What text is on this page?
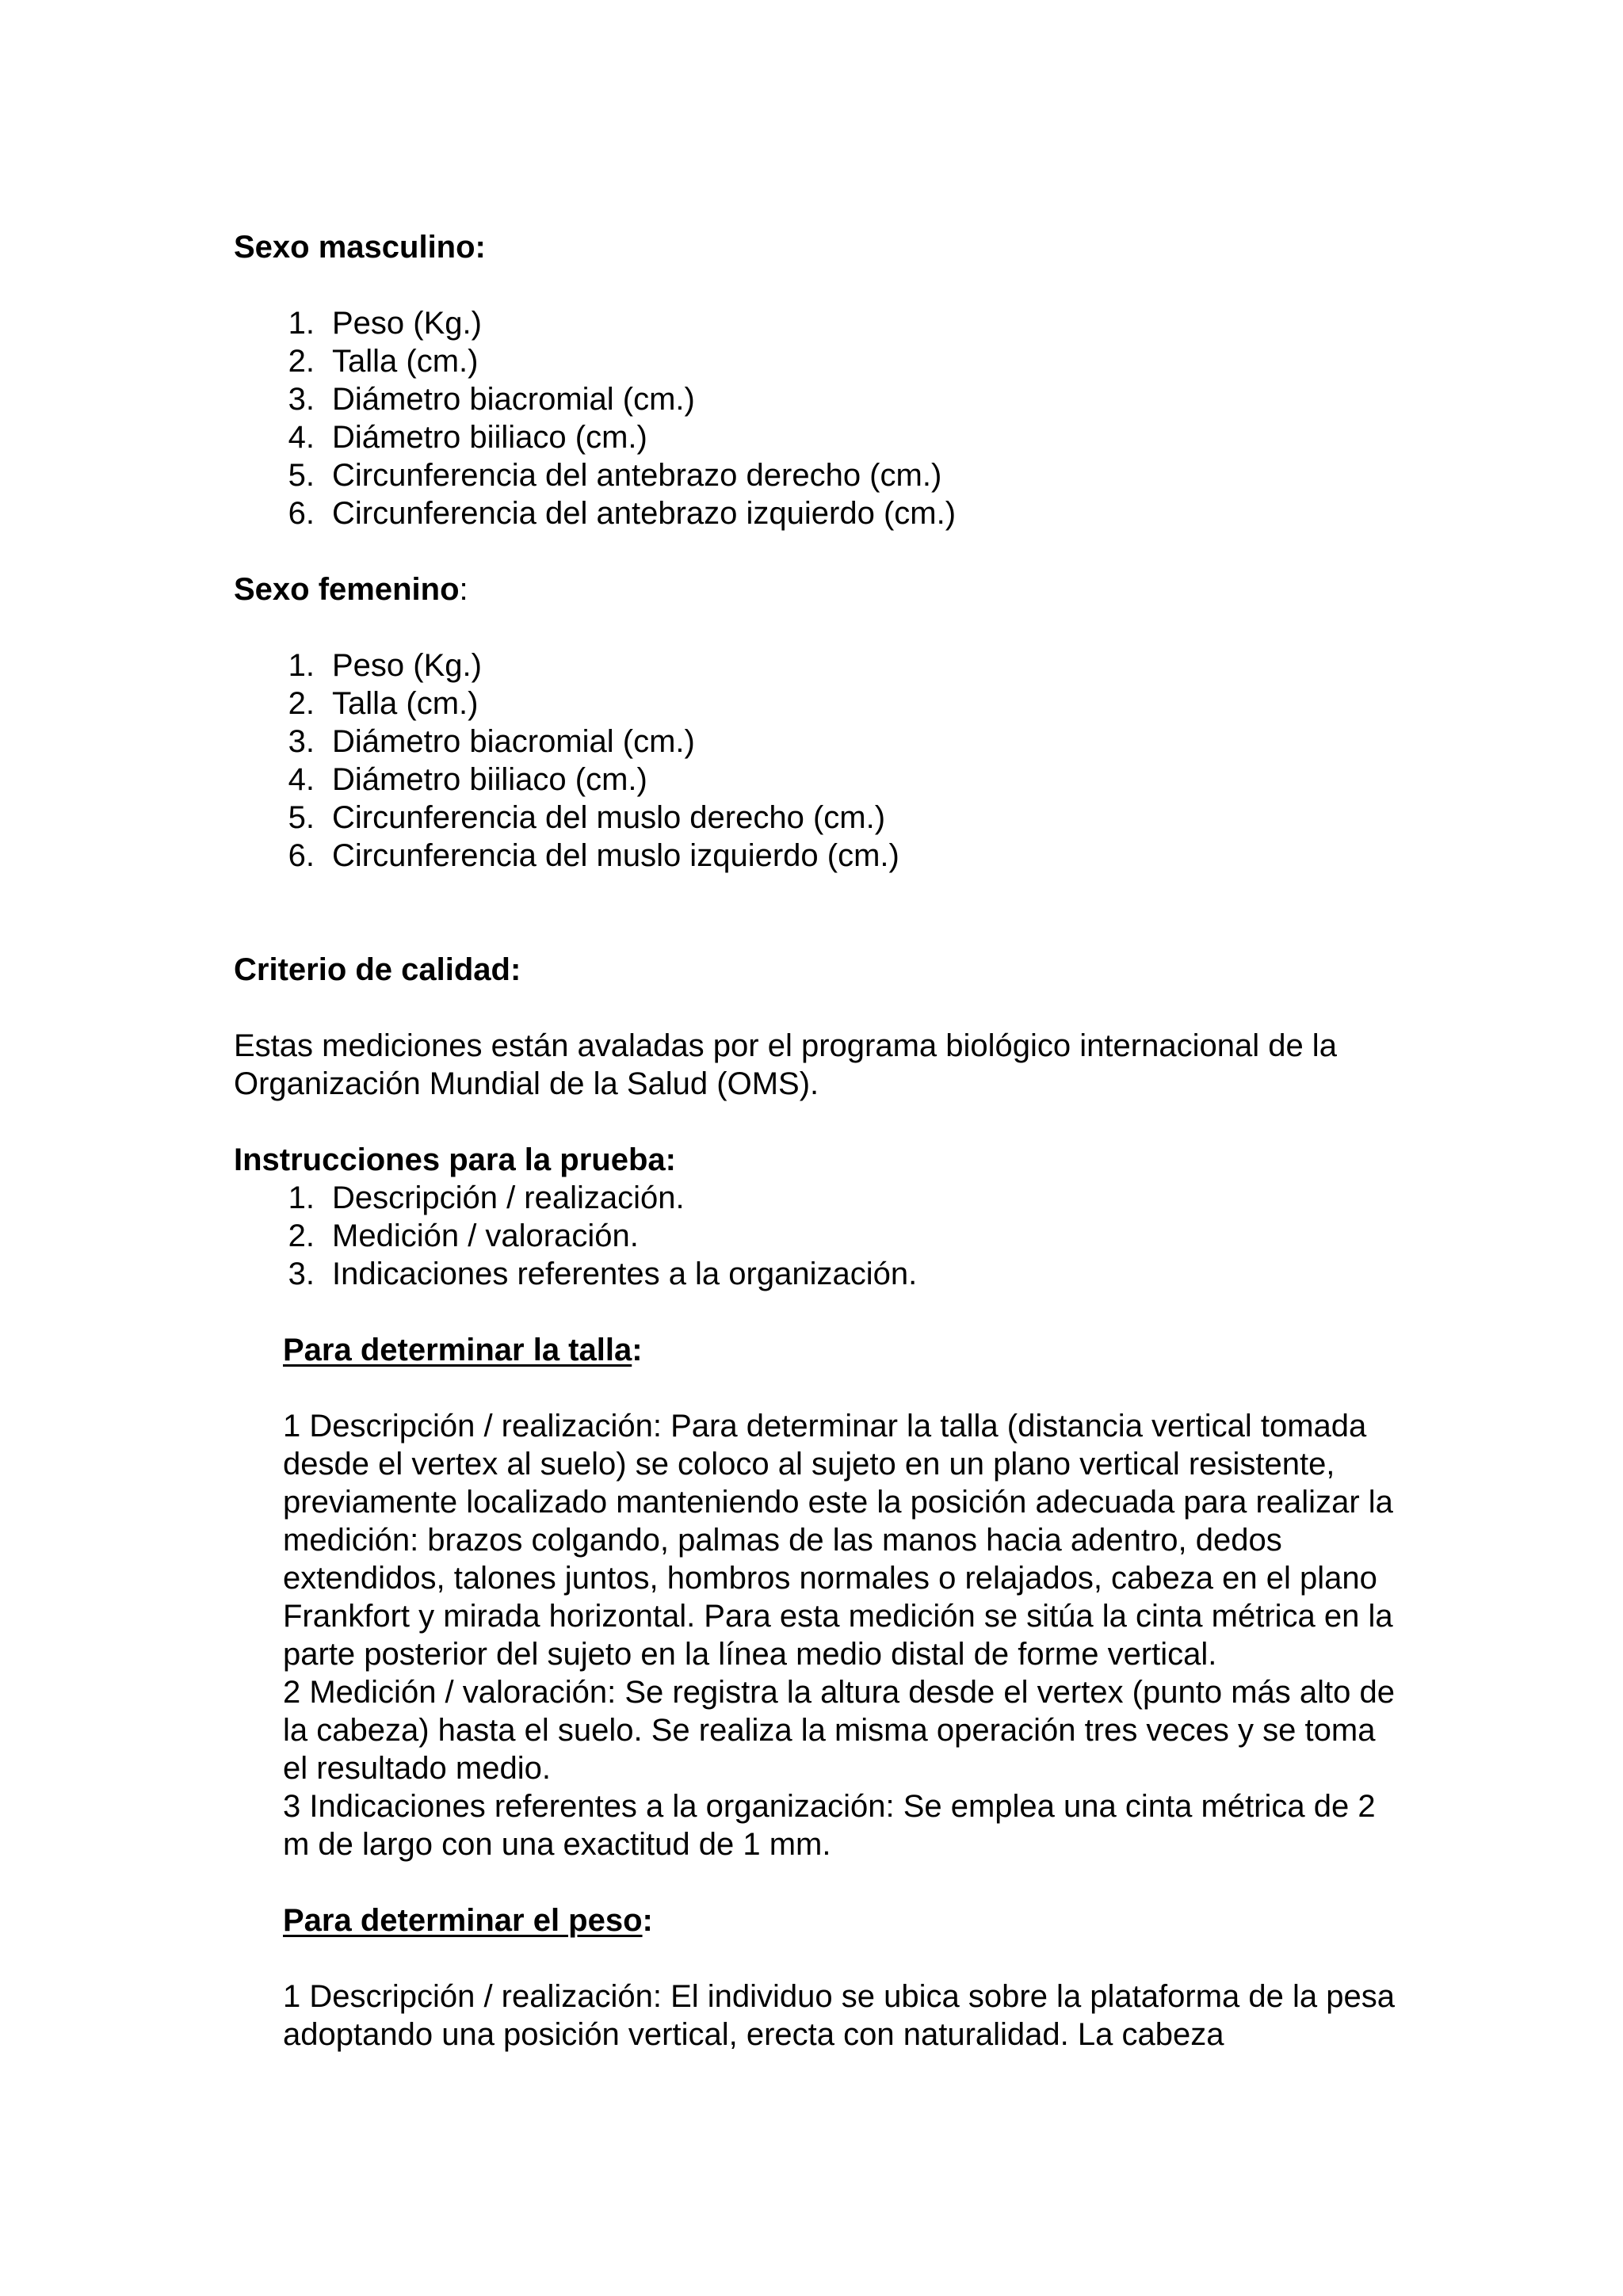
Sexo masculino:

1. Peso (Kg.)
2. Talla (cm.)
3. Diámetro biacromial (cm.)
4. Diámetro biiliaco (cm.)
5. Circunferencia del antebrazo derecho (cm.)
6. Circunferencia del antebrazo izquierdo (cm.)

Sexo femenino:

1. Peso (Kg.)
2. Talla (cm.)
3. Diámetro biacromial (cm.)
4. Diámetro biiliaco (cm.)
5. Circunferencia del muslo derecho (cm.)
6. Circunferencia del muslo izquierdo (cm.)

Criterio de calidad:

Estas mediciones están avaladas por el programa biológico internacional de la Organización Mundial de la Salud (OMS).

Instrucciones para la prueba:

1. Descripción / realización.
2. Medición / valoración.
3. Indicaciones referentes a la organización.

Para determinar la talla:

1 Descripción / realización: Para determinar la talla (distancia vertical tomada desde el vertex al suelo) se coloco al sujeto en un plano vertical resistente, previamente localizado manteniendo este la posición adecuada para realizar la medición: brazos colgando, palmas de las manos hacia adentro, dedos extendidos, talones juntos, hombros normales o relajados, cabeza en el plano Frankfort y mirada horizontal. Para esta medición se sitúa la cinta métrica en la parte posterior del sujeto en la línea medio distal de forme vertical.

2 Medición / valoración: Se registra la altura desde el vertex (punto más alto de la cabeza) hasta el suelo. Se realiza la misma operación tres veces y se toma el resultado medio.

3 Indicaciones referentes a la organización: Se emplea una cinta métrica de 2 m de largo con una exactitud de 1 mm.

Para determinar el peso:

1 Descripción / realización: El individuo se ubica sobre la plataforma de la pesa adoptando una posición vertical, erecta con naturalidad. La cabeza
